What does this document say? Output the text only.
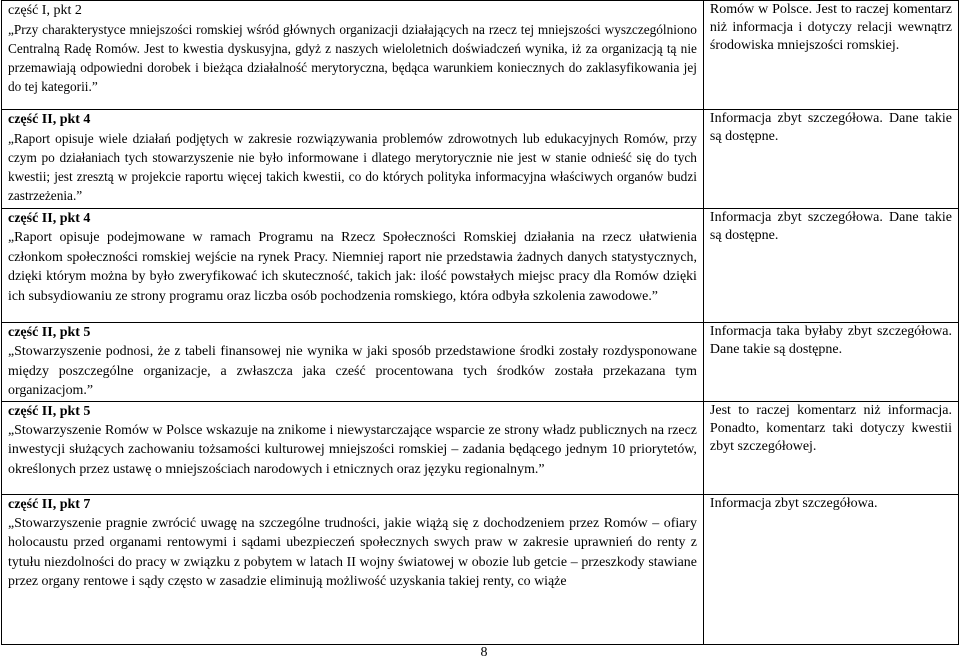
część I, pkt 2

„Przy charakterystyce mniejszości romskiej wśród głównych organizacji działających na rzecz tej mniejszości wyszczególniono Centralną Radę Romów. Jest to kwestia dyskusyjna, gdyż z naszych wieloletnich doświadczeń wynika, iż za organizacją tą nie przemawiają odpowiedni dorobek i bieżąca działalność merytoryczna, będąca warunkiem koniecznych do zaklasyfikowania jej do tej kategorii.”	Romów w Polsce. Jest to raczej komentarz niż informacja i dotyczy relacji wewnątrz środowiska mniejszości romskiej.

część II, pkt 4

„Raport opisuje wiele działań podjętych w zakresie rozwiązywania problemów zdrowotnych lub edukacyjnych Romów, przy czym po działaniach tych stowarzyszenie nie było informowane i dlatego merytorycznie nie jest w stanie odnieść się do tych kwestii; jest zresztą w projekcie raportu więcej takich kwestii, co do których polityka informacyjna właściwych organów budzi zastrzeżenia.”	Informacja zbyt szczegółowa. Dane takie są dostępne.

część II, pkt 4

„Raport opisuje podejmowane w ramach Programu na Rzecz Społeczności Romskiej działania na rzecz ułatwienia członkom społeczności romskiej wejście na rynek Pracy. Niemniej raport nie przedstawia żadnych danych statystycznych, dzięki którym można by było zweryfikować ich skuteczność, takich jak: ilość powstałych miejsc pracy dla Romów dzięki ich subsydiowaniu ze strony programu oraz liczba osób pochodzenia romskiego, która odbyła szkolenia zawodowe.”	Informacja zbyt szczegółowa. Dane takie są dostępne.

część II, pkt 5

„Stowarzyszenie podnosi, że z tabeli finansowej nie wynika w jaki sposób przedstawione środki zostały rozdysponowane między poszczególne organizacje, a zwłaszcza jaka cześć procentowana tych środków została przekazana tym organizacjom.”	Informacja taka byłaby zbyt szczegółowa. Dane takie są dostępne.

część II, pkt 5

„Stowarzyszenie Romów w Polsce wskazuje na znikome i niewystarczające wsparcie ze strony władz publicznych na rzecz inwestycji służących zachowaniu tożsamości kulturowej mniejszości romskiej – zadania będącego jednym 10 priorytetów, określonych przez ustawę o mniejszościach narodowych i etnicznych oraz języku regionalnym.”	Jest to raczej komentarz niż informacja. Ponadto, komentarz taki dotyczy kwestii zbyt szczegółowej.

część II, pkt 7

„Stowarzyszenie pragnie zwrócić uwagę na szczególne trudności, jakie wiążą się z dochodzeniem przez Romów – ofiary holocaustu przed organami rentowymi i sądami ubezpieczeń społecznych swych praw w zakresie uprawnień do renty z tytułu niezdolności do pracy w związku z pobytem w latach II wojny światowej w obozie lub getcie – przeszkody stawiane przez organy rentowe i sądy często w zasadzie eliminują możliwość uzyskania takiej renty, co wiąże	Informacja zbyt szczegółowa.

8
